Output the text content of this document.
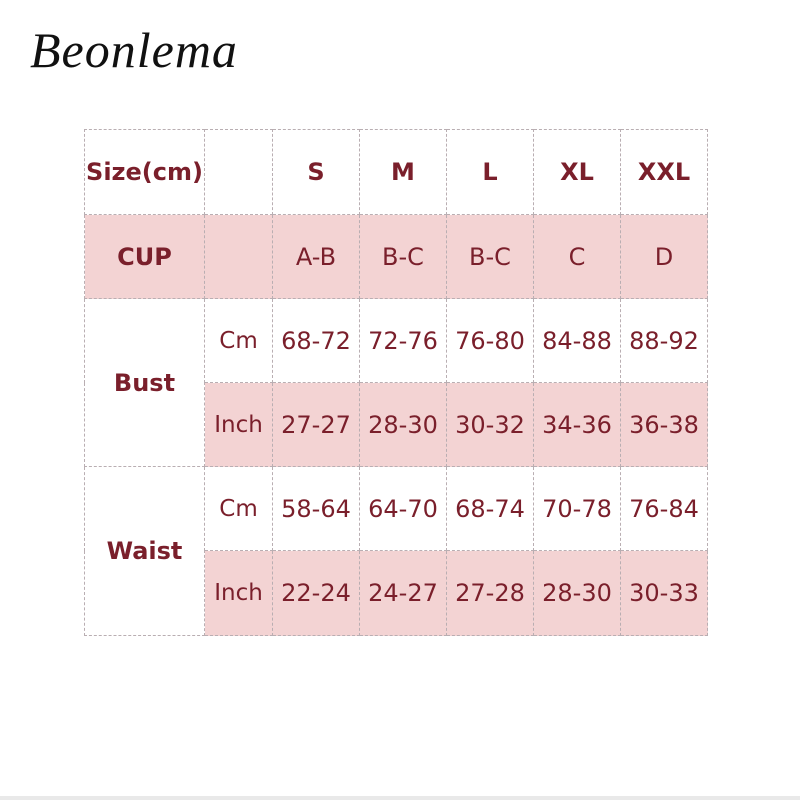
Beonlema
Size(cm)		S	M	L	XL	XXL
CUP		A-B	B-C	B-C	C	D
Bust	Cm	68-72	72-76	76-80	84-88	88-92
	Inch	27-27	28-30	30-32	34-36	36-38
Waist	Cm	58-64	64-70	68-74	70-78	76-84
	Inch	22-24	24-27	27-28	28-30	30-33
